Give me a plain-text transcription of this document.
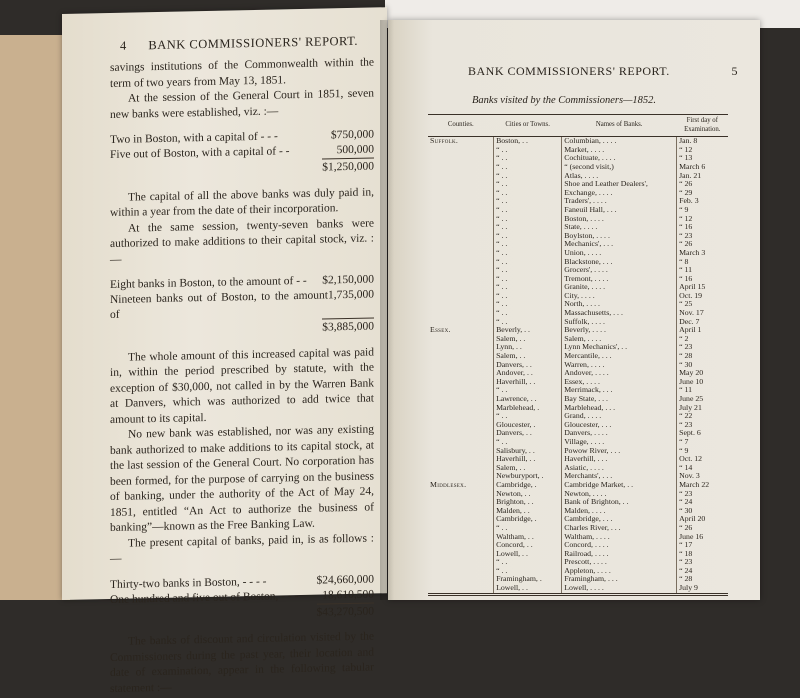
4 BANK COMMISSIONERS' REPORT.

savings institutions of the Commonwealth within the term of two years from May 13, 1851.

At the session of the General Court in 1851, seven new banks were established, viz. :—

Two in Boston, with a capital of - - -	$750,000
Five out of Boston, with a capital of - -	500,000
$1,250,000

The capital of all the above banks was duly paid in, within a year from the date of their incorporation.

At the same session, twenty-seven banks were authorized to make additions to their capital stock, viz. :—

Eight banks in Boston, to the amount of - - $2,150,000
Nineteen banks out of Boston, to the amount of
1,735,000
$3,885,000

The whole amount of this increased capital was paid in, within the period prescribed by statute, with the exception of $30,000, not called in by the Warren Bank at Danvers, which was authorized to add twice that amount to its capital.

No new bank was established, nor was any existing bank authorized to make additions to its capital stock, at the last session of the General Court. No corporation has been formed, for the purpose of carrying on the business of banking, under the authority of the Act of May 24, 1851, entitled “An Act to authorize the business of banking”—known as the Free Banking Law.

The present capital of banks, paid in, is as follows :—

Thirty-two banks in Boston, - - - -	$24,660,000
One hundred and five out of Boston, - - - 18,610,500
$43,270,500

The banks of discount and circulation visited by the Commissioners during the past year, their location and date of examination, appear in the following tabular statement :—

BANK COMMISSIONERS' REPORT.	5
Banks visited by the Commissioners—1852.
Counties.	Cities or Towns.	Names of Banks.	First day of Examination.
Suffolk.	Boston, . .	Columbian, . . . .	Jan. 8
	“ . .	Market, . . . .	“ 12
	“ . .	Cochituate, . . . .	“ 13
	“ . .	“ (second visit,)	March 6
	“ . .	Atlas, . . . .	Jan. 21
	“ . .	Shoe and Leather Dealers',	“ 26
	“ . .	Exchange, . . . .	“ 29
	“ . .	Traders', . . . .	Feb. 3
	“ . .	Faneuil Hall, . . .	“ 9
	“ . .	Boston, . . . .	“ 12
	“ . .	State, . . . .	“ 16
	“ . .	Boylston, . . . .	“ 23
	“ . .	Mechanics', . . .	“ 26
	“ . .	Union, . . . .	March 3
	“ . .	Blackstone, . . .	“ 8
	“ . .	Grocers', . . . .	“ 11
	“ . .	Tremont, . . . .	“ 16
	“ . .	Granite, . . . .	April 15
	“ . .	City, . . . .	Oct. 19
	“ . .	North, . . . .	“ 25
	“ . .	Massachusetts, . . .	Nov. 17
	“ . .	Suffolk, . . . .	Dec. 7
Essex.	Beverly, . .	Beverly, . . . .	April 1
	Salem, . .	Salem, . . . .	“ 2
	Lynn, . .	Lynn Mechanics', . .	“ 23
	Salem, . .	Mercantile, . . .	“ 28
	Danvers, . .	Warren, . . . .	“ 30
	Andover, . .	Andover, . . . .	May 20
	Haverhill, . .	Essex, . . . .	June 10
	“ . .	Merrimack, . . .	“ 11
	Lawrence, . .	Bay State, . . .	June 25
	Marblehead, .	Marblehead, . . .	July 21
	“ . .	Grand, . . . .	“ 22
	Gloucester, .	Gloucester, . . .	“ 23
	Danvers, . .	Danvers, . . . .	Sept. 6
	“ . .	Village, . . . .	“ 7
	Salisbury, . .	Powow River, . . .	“ 9
	Haverhill, . .	Haverhill, . . .	Oct. 12
	Salem, . .	Asiatic, . . . .	“ 14
	Newburyport, .	Merchants', . . .	Nov. 3
Middlesex.	Cambridge, .	Cambridge Market, . .	March 22
	Newton, . .	Newton, . . . .	“ 23
	Brighton, . .	Bank of Brighton, . .	“ 24
	Malden, . .	Malden, . . . .	“ 30
	Cambridge, .	Cambridge, . . .	April 20
	“ . .	Charles River, . . .	“ 26
	Waltham, . .	Waltham, . . . .	June 16
	Concord, . .	Concord, . . . .	“ 17
	Lowell, . .	Railroad, . . . .	“ 18
	“ . .	Prescott, . . . .	“ 23
	“ . .	Appleton, . . . .	“ 24
	Framingham, .	Framingham, . . .	“ 28
	Lowell, . .	Lowell, . . . .	July 9
